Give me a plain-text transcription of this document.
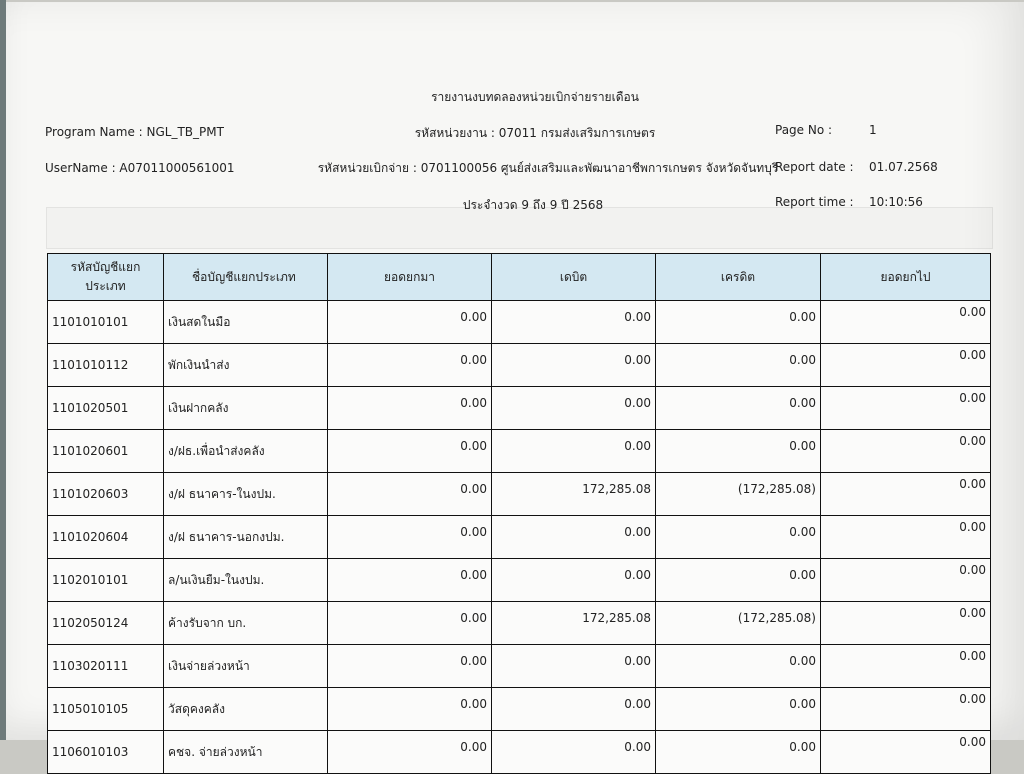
รายงานงบทดลองหน่วยเบิกจ่ายรายเดือน
รหัสหน่วยงาน : 07011 กรมส่งเสริมการเกษตร
รหัสหน่วยเบิกจ่าย : 0701100056 ศูนย์ส่งเสริมและพัฒนาอาชีพการเกษตร จังหวัดจันทบุรี
ประจำงวด 9 ถึง 9 ปี 2568
Program Name : NGL_TB_PMT
UserName : A07011000561001
Page No :	1
Report date : 01.07.2568
Report time : 10:10:56
รหัสบัญชีแยกประเภท	ชื่อบัญชีแยกประเภท	ยอดยกมา	เดบิต	เครดิต	ยอดยกไป
1101010101	เงินสดในมือ	0.00	0.00	0.00	0.00
1101010112	พักเงินนำส่ง	0.00	0.00	0.00	0.00
1101020501	เงินฝากคลัง	0.00	0.00	0.00	0.00
1101020601	ง/ฝธ.เพื่อนำส่งคลัง	0.00	0.00	0.00	0.00
1101020603	ง/ฝ ธนาคาร-ในงปม.	0.00	172,285.08	(172,285.08)	0.00
1101020604	ง/ฝ ธนาคาร-นอกงปม.	0.00	0.00	0.00	0.00
1102010101	ล/นเงินยืม-ในงปม.	0.00	0.00	0.00	0.00
1102050124	ค้างรับจาก บก.	0.00	172,285.08	(172,285.08)	0.00
1103020111	เงินจ่ายล่วงหน้า	0.00	0.00	0.00	0.00
1105010105	วัสดุคงคลัง	0.00	0.00	0.00	0.00
1106010103	คชจ. จ่ายล่วงหน้า	0.00	0.00	0.00	0.00
